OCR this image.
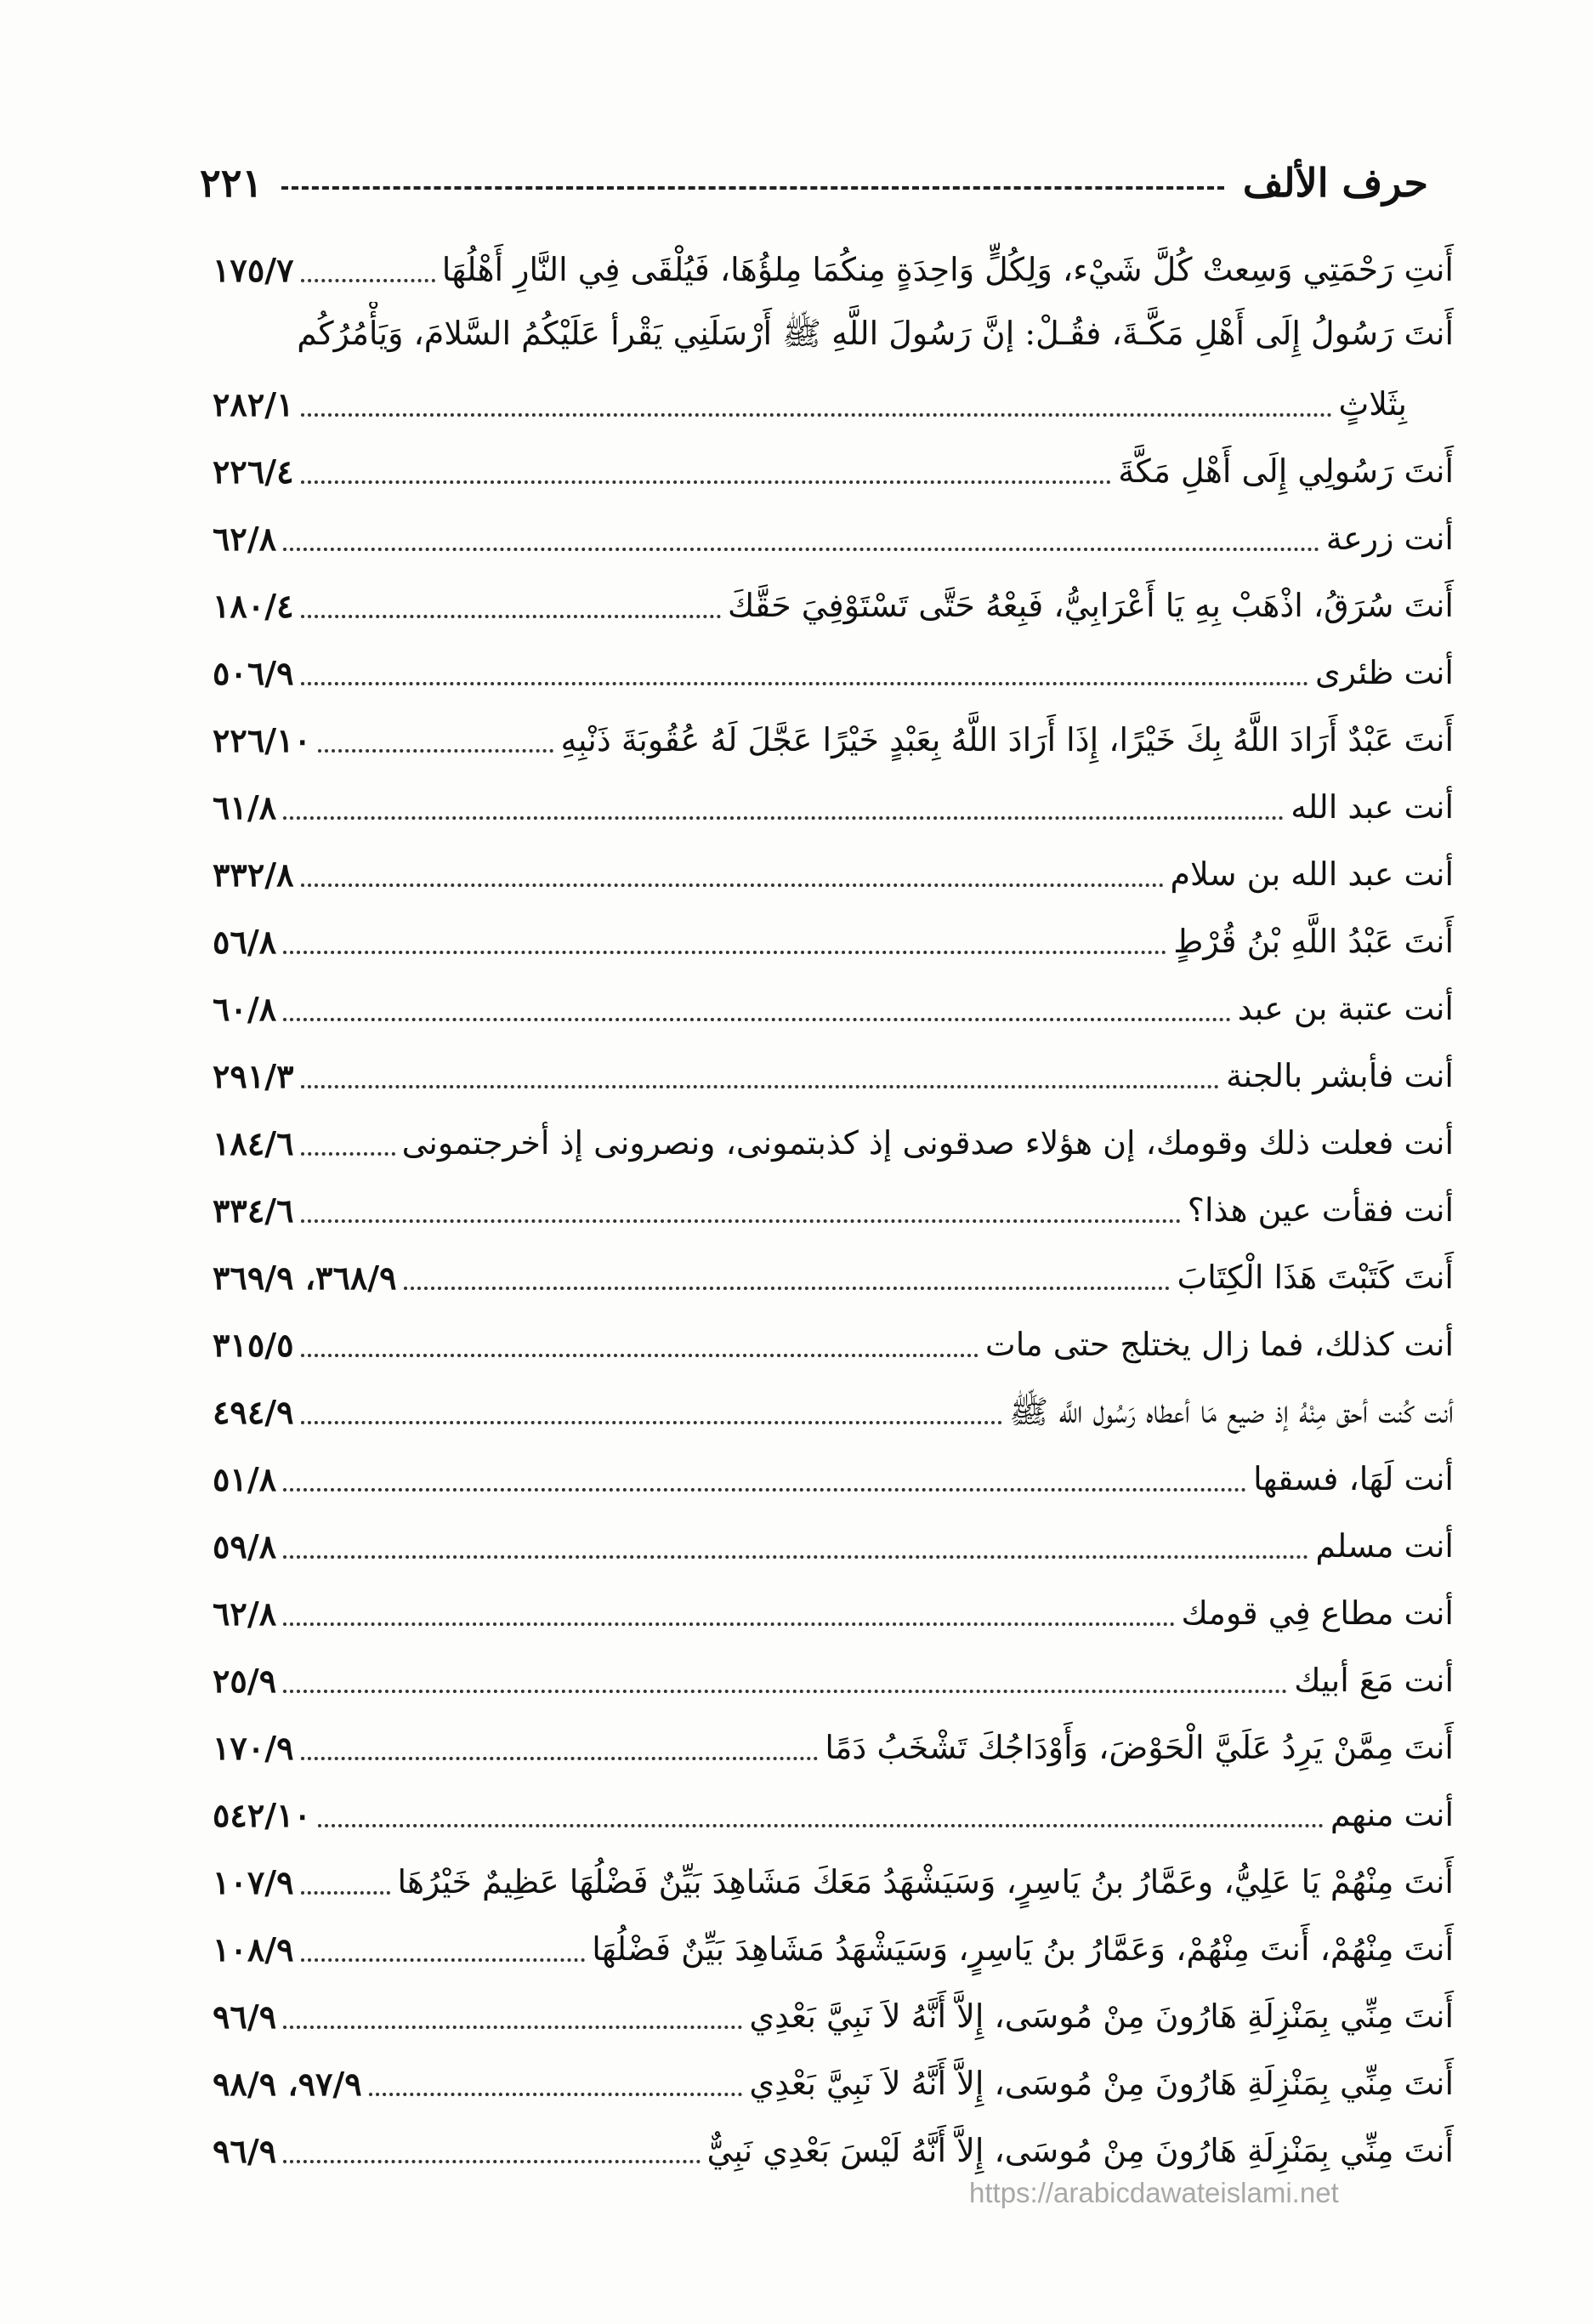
حرف الألف
٢٢١
أَنتِ رَحْمَتِي وَسِعتْ كُلَّ شَيْء، وَلِكُلٍّ وَاحِدَةٍ مِنكُمَا مِلؤُهَا، فَيُلْقَى فِي النَّارِ أَهْلُهَا
١٧٥/٧
أَنتَ رَسُولُ إِلَى أَهْلِ مَكَّـةَ، فقُـلْ: إنَّ رَسُولَ اللَّهِ ﷺ أَرْسَلَنِي يَقْرأ عَلَيْكُمُ السَّلامَ، وَيَأْمُرُكُم
بِثَلاثٍ
٢٨٢/١
أَنتَ رَسُولِي إِلَى أَهْلِ مَكَّةَ
٢٢٦/٤
أنت زرعة
٦٢/٨
أَنتَ سُرَقُ، اذْهَبْ بِهِ يَا أَعْرَابِيُّ، فَبِعْهُ حَتَّى تَسْتَوْفِيَ حَقَّكَ
١٨٠/٤
أنت ظئرى
٥٠٦/٩
أَنتَ عَبْدٌ أَرَادَ اللَّهُ بِكَ خَيْرًا، إِذَا أَرَادَ اللَّهُ بِعَبْدٍ خَيْرًا عَجَّلَ لَهُ عُقُوبَةَ ذَنْبِهِ
٢٢٦/١٠
أنت عبد الله
٦١/٨
أنت عبد الله بن سلام
٣٣٢/٨
أَنتَ عَبْدُ اللَّهِ بْنُ قُرْطٍ
٥٦/٨
أنت عتبة بن عبد
٦٠/٨
أنت فأبشر بالجنة
٢٩١/٣
أنت فعلت ذلك وقومك، إن هؤلاء صدقونى إذ كذبتمونى، ونصرونى إذ أخرجتمونى
١٨٤/٦
أنت فقأت عين هذا؟
٣٣٤/٦
أَنتَ كَتَبْتَ هَذَا الْكِتَابَ
٣٦٨/٩، ٣٦٩/٩
أنت كذلك، فما زال يختلج حتى مات
٣١٥/٥
أنت كُنت أحق مِنْهُ إذ ضيع مَا أعطاه رَسُول اللَّه ﷺ
٤٩٤/٩
أنت لَهَا، فسقها
٥١/٨
أنت مسلم
٥٩/٨
أنت مطاع فِي قومك
٦٢/٨
أنت مَعَ أبيك
٢٥/٩
أَنتَ مِمَّنْ يَرِدُ عَلَيَّ الْحَوْضَ، وَأَوْدَاجُكَ تَشْخَبُ دَمًا
١٧٠/٩
أنت منهم
٥٤٢/١٠
أَنتَ مِنْهُمْ يَا عَلِيُّ، وعَمَّارُ بنُ يَاسِرٍ، وَسَيَشْهَدُ مَعَكَ مَشَاهِدَ بَيِّنٌ فَضْلُهَا عَظِيمٌ خَيْرُهَا
١٠٧/٩
أَنتَ مِنْهُمْ، أَنتَ مِنْهُمْ، وَعَمَّارُ بنُ يَاسِرٍ، وَسَيَشْهَدُ مَشَاهِدَ بَيِّنٌ فَضْلُهَا
١٠٨/٩
أَنتَ مِنِّي بِمَنْزِلَةِ هَارُونَ مِنْ مُوسَى، إِلاَّ أَنَّهُ لاَ نَبِيَّ بَعْدِي
٩٦/٩
أَنتَ مِنِّي بِمَنْزِلَةِ هَارُونَ مِنْ مُوسَى، إِلاَّ أَنَّهُ لاَ نَبِيَّ بَعْدِي
٩٧/٩، ٩٨/٩
أَنتَ مِنِّي بِمَنْزِلَةِ هَارُونَ مِنْ مُوسَى، إِلاَّ أَنَّهُ لَيْسَ بَعْدِي نَبِيٌّ
٩٦/٩
https://arabicdawateislami.net
